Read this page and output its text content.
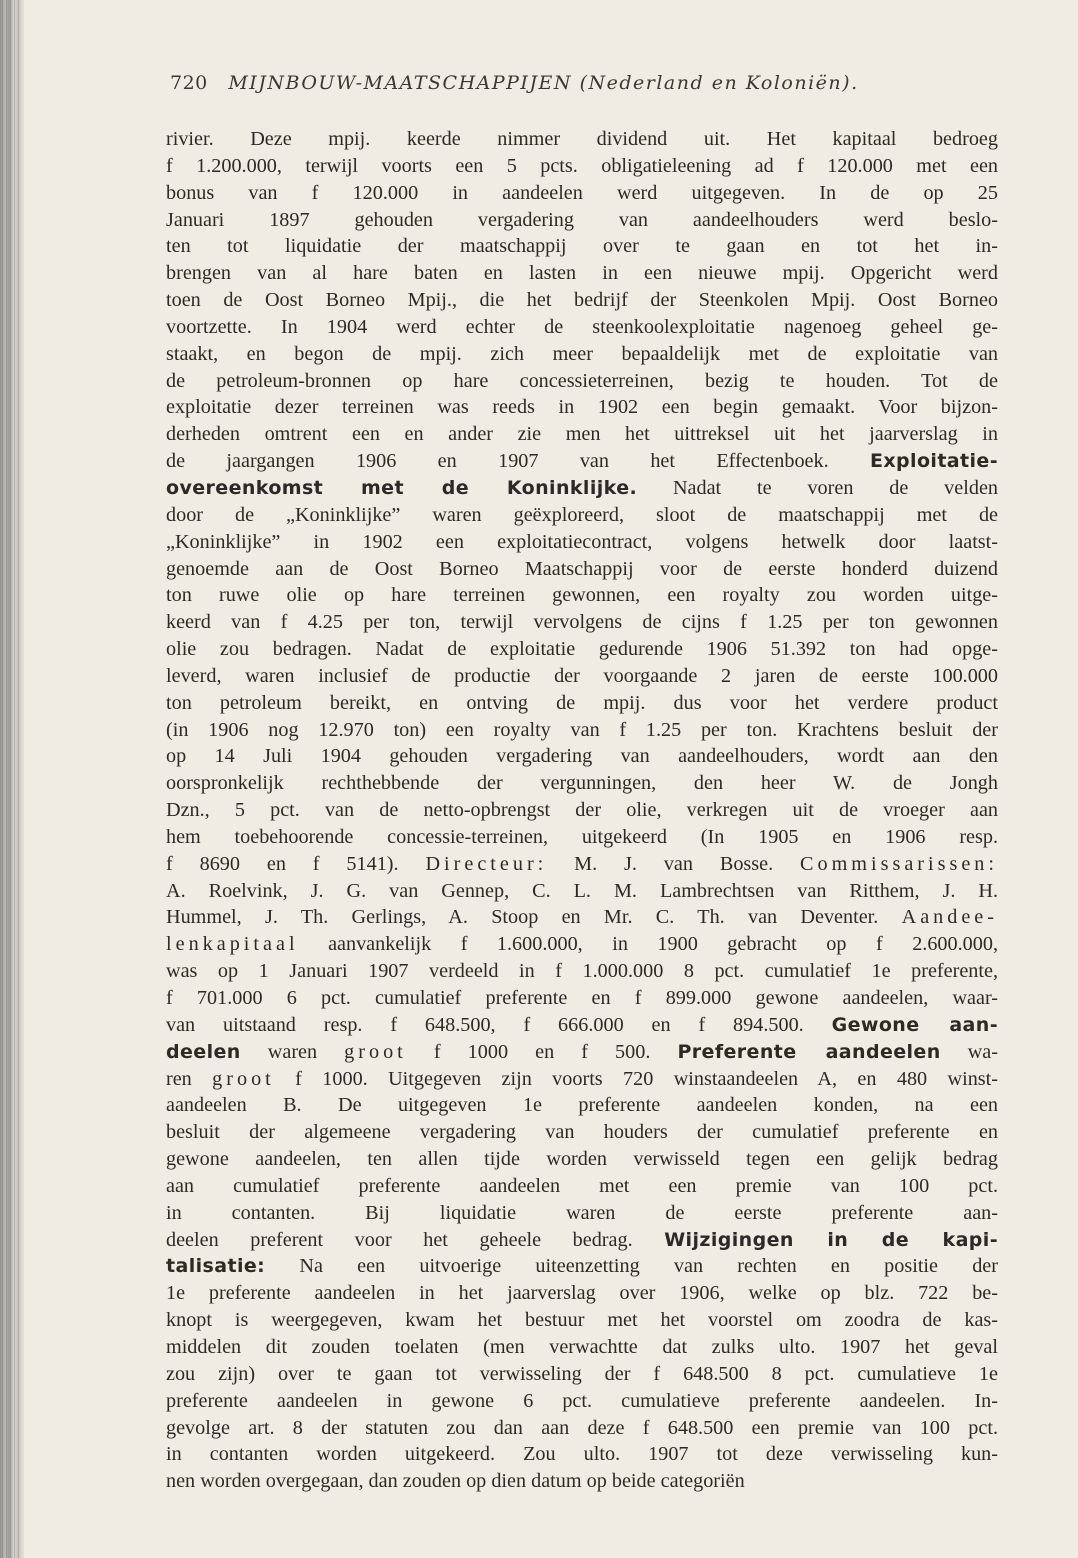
720 MIJNBOUW-MAATSCHAPPIJEN (Nederland en Koloniën).
rivier. Deze mpij. keerde nimmer dividend uit. Het kapitaal bedroeg
f 1.200.000, terwijl voorts een 5 pcts. obligatieleening ad f 120.000 met een
bonus van f 120.000 in aandeelen werd uitgegeven. In de op 25
Januari 1897 gehouden vergadering van aandeelhouders werd beslo-
ten tot liquidatie der maatschappij over te gaan en tot het in-
brengen van al hare baten en lasten in een nieuwe mpij. Opgericht werd
toen de Oost Borneo Mpij., die het bedrijf der Steenkolen Mpij. Oost Borneo
voortzette. In 1904 werd echter de steenkoolexploitatie nagenoeg geheel ge-
staakt, en begon de mpij. zich meer bepaaldelijk met de exploitatie van
de petroleum-bronnen op hare concessieterreinen, bezig te houden. Tot de
exploitatie dezer terreinen was reeds in 1902 een begin gemaakt. Voor bijzon-
derheden omtrent een en ander zie men het uittreksel uit het jaarverslag in
de jaargangen 1906 en 1907 van het Effectenboek. Exploitatie-
overeenkomst met de Koninklijke. Nadat te voren de velden
door de „Koninklijke” waren geëxploreerd, sloot de maatschappij met de
„Koninklijke” in 1902 een exploitatiecontract, volgens hetwelk door laatst-
genoemde aan de Oost Borneo Maatschappij voor de eerste honderd duizend
ton ruwe olie op hare terreinen gewonnen, een royalty zou worden uitge-
keerd van f 4.25 per ton, terwijl vervolgens de cijns f 1.25 per ton gewonnen
olie zou bedragen. Nadat de exploitatie gedurende 1906 51.392 ton had opge-
leverd, waren inclusief de productie der voorgaande 2 jaren de eerste 100.000
ton petroleum bereikt, en ontving de mpij. dus voor het verdere product
(in 1906 nog 12.970 ton) een royalty van f 1.25 per ton. Krachtens besluit der
op 14 Juli 1904 gehouden vergadering van aandeelhouders, wordt aan den
oorspronkelijk rechthebbende der vergunningen, den heer W. de Jongh
Dzn., 5 pct. van de netto-opbrengst der olie, verkregen uit de vroeger aan
hem toebehoorende concessie-terreinen, uitgekeerd (In 1905 en 1906 resp.
f 8690 en f 5141). Directeur: M. J. van Bosse. Commissarissen:
A. Roelvink, J. G. van Gennep, C. L. M. Lambrechtsen van Ritthem, J. H.
Hummel, J. Th. Gerlings, A. Stoop en Mr. C. Th. van Deventer. Aandee-
lenkapitaal aanvankelijk f 1.600.000, in 1900 gebracht op f 2.600.000,
was op 1 Januari 1907 verdeeld in f 1.000.000 8 pct. cumulatief 1e preferente,
f 701.000 6 pct. cumulatief preferente en f 899.000 gewone aandeelen, waar-
van uitstaand resp. f 648.500, f 666.000 en f 894.500. Gewone aan-
deelen waren groot f 1000 en f 500. Preferente aandeelen wa-
ren groot f 1000. Uitgegeven zijn voorts 720 winstaandeelen A, en 480 winst-
aandeelen B. De uitgegeven 1e preferente aandeelen konden, na een
besluit der algemeene vergadering van houders der cumulatief preferente en
gewone aandeelen, ten allen tijde worden verwisseld tegen een gelijk bedrag
aan cumulatief preferente aandeelen met een premie van 100 pct.
in contanten. Bij liquidatie waren de eerste preferente aan-
deelen preferent voor het geheele bedrag. Wijzigingen in de kapi-
talisatie: Na een uitvoerige uiteenzetting van rechten en positie der
1e preferente aandeelen in het jaarverslag over 1906, welke op blz. 722 be-
knopt is weergegeven, kwam het bestuur met het voorstel om zoodra de kas-
middelen dit zouden toelaten (men verwachtte dat zulks ulto. 1907 het geval
zou zijn) over te gaan tot verwisseling der f 648.500 8 pct. cumulatieve 1e
preferente aandeelen in gewone 6 pct. cumulatieve preferente aandeelen. In-
gevolge art. 8 der statuten zou dan aan deze f 648.500 een premie van 100 pct.
in contanten worden uitgekeerd. Zou ulto. 1907 tot deze verwisseling kun-
nen worden overgegaan, dan zouden op dien datum op beide categoriën
